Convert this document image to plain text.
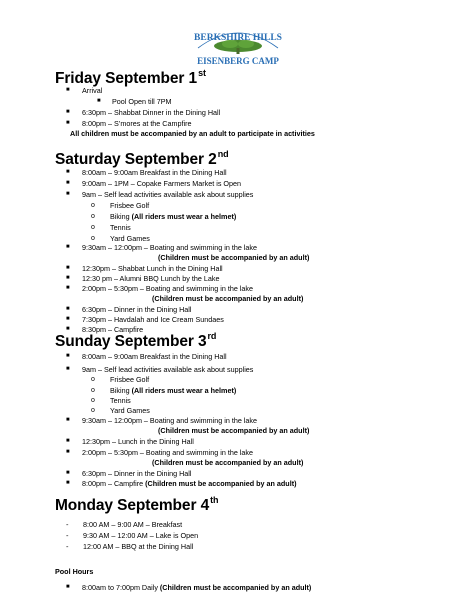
BERKSHIRE HILLS
EISENBERG CAMP
Friday September 1st
■ Arrival
■ Pool Open till 7PM
■ 6:30pm – Shabbat Dinner in the Dining Hall
■ 8:00pm – S’mores at the Campfire
All children must be accompanied by an adult to participate in activities
Saturday September 2nd
■ 8:00am – 9:00am Breakfast in the Dining Hall
■ 9:00am – 1PM – Copake Farmers Market is Open
■ 9am – Self lead activities available ask about supplies
o Frisbee Golf
o Biking (All riders must wear a helmet)
o Tennis
o Yard Games
■ 9:30am – 12:00pm – Boating and swimming in the lake
(Children must be accompanied by an adult)
■ 12:30pm – Shabbat Lunch in the Dining Hall
■ 12:30 pm – Alumni BBQ Lunch by the Lake
■ 2:00pm – 5:30pm – Boating and swimming in the lake
(Children must be accompanied by an adult)
■ 6:30pm – Dinner in the Dining Hall
■ 7:30pm – Havdalah and Ice Cream Sundaes
■ 8:30pm – Campfire
Sunday September 3rd
■ 8:00am – 9:00am Breakfast in the Dining Hall
■ 9am – Self lead activities available ask about supplies
o Frisbee Golf
o Biking (All riders must wear a helmet)
o Tennis
o Yard Games
■ 9:30am – 12:00pm – Boating and swimming in the lake
(Children must be accompanied by an adult)
■ 12:30pm – Lunch in the Dining Hall
■ 2:00pm – 5:30pm – Boating and swimming in the lake
(Children must be accompanied by an adult)
■ 6:30pm – Dinner in the Dining Hall
■ 8:00pm – Campfire (Children must be accompanied by an adult)
Monday September 4th
- 8:00 AM – 9:00 AM – Breakfast
- 9:30 AM – 12:00 AM – Lake is Open
- 12:00 AM – BBQ at the Dining Hall
Pool Hours
■ 8:00am to 7:00pm Daily (Children must be accompanied by an adult)
